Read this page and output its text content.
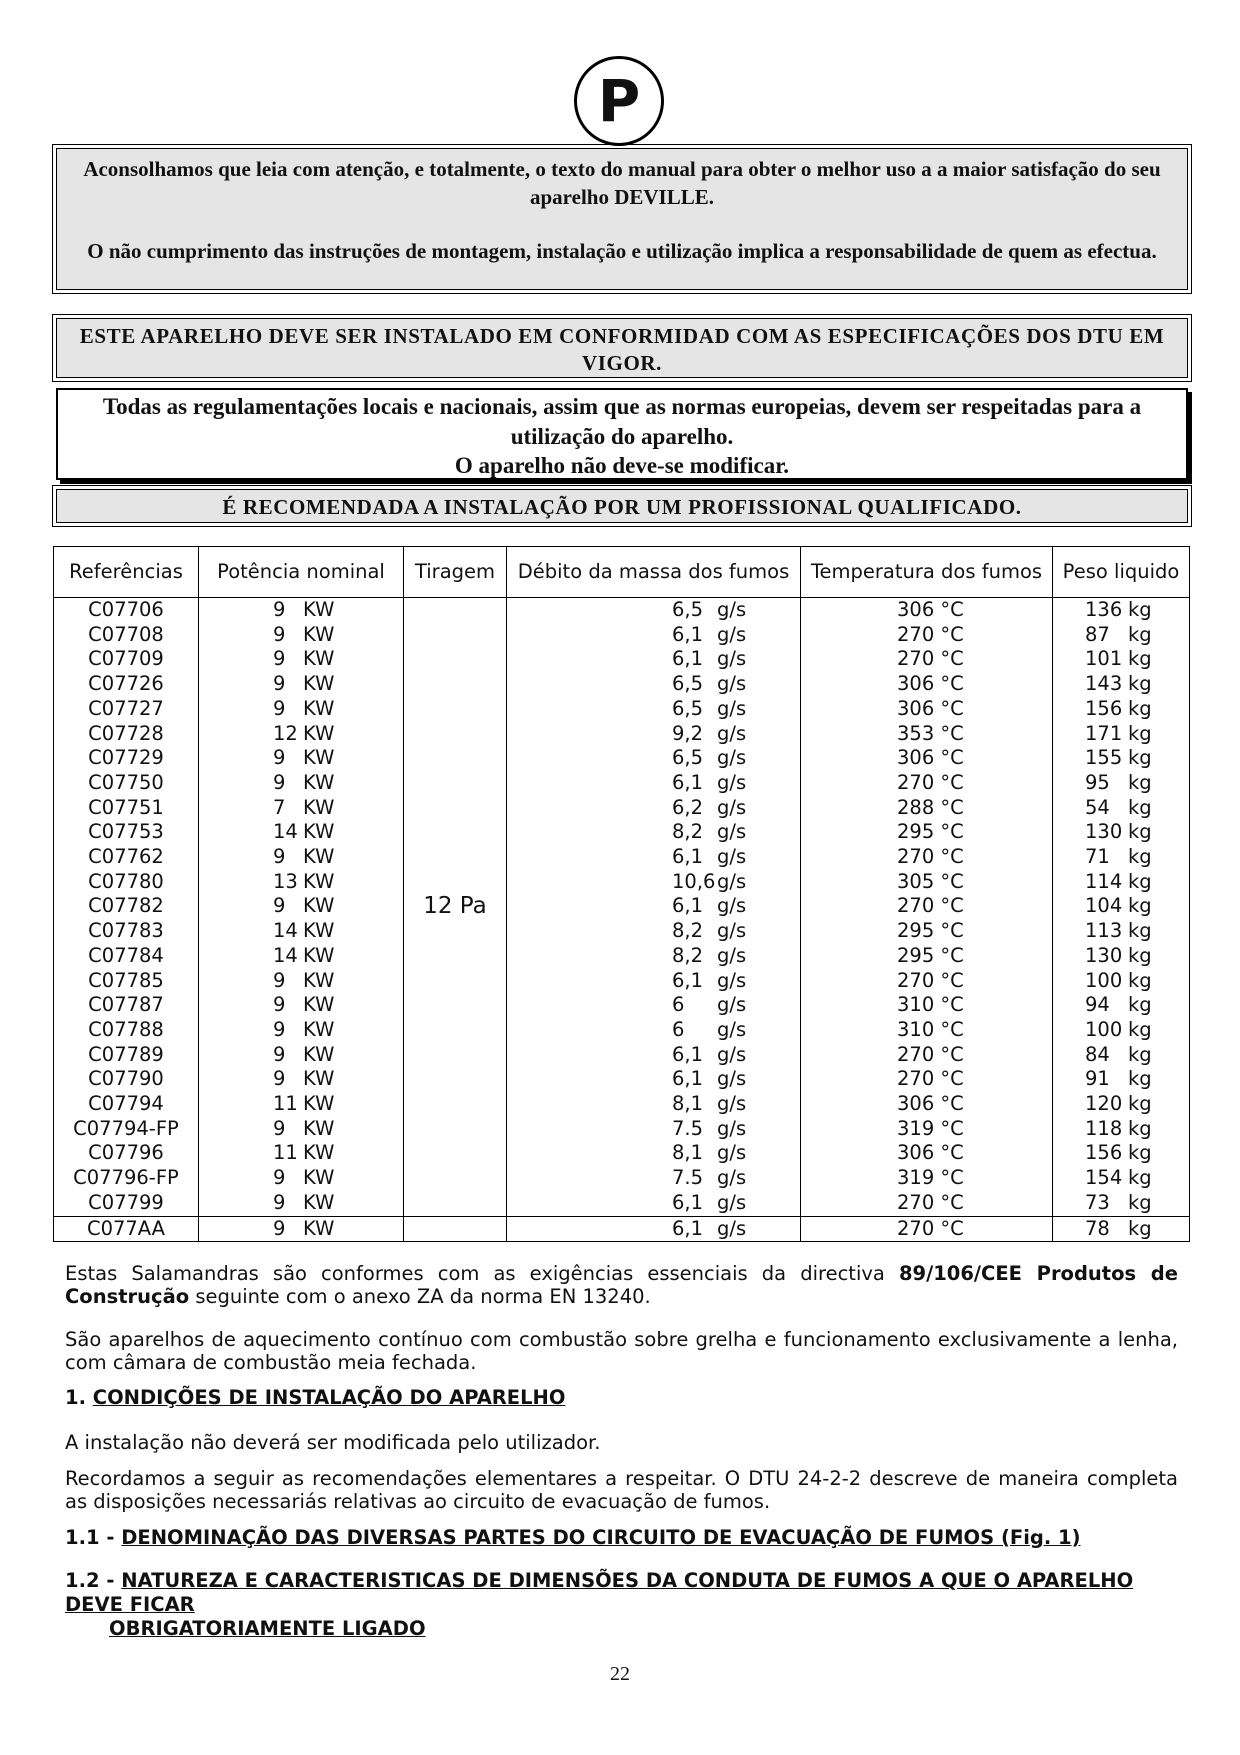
P

Aconsolhamos que leia com atenção, e totalmente, o texto do manual para obter o melhor uso a a maior satisfação do seu aparelho DEVILLE.

O não cumprimento das instruções de montagem, instalação e utilização implica a responsabilidade de quem as efectua.

ESTE APARELHO DEVE SER INSTALADO EM CONFORMIDAD COM AS ESPECIFICAÇÕES DOS DTU EM VIGOR.
Todas as regulamentações locais e nacionais, assim que as normas europeias, devem ser respeitadas para a utilização do aparelho.
O aparelho não deve-se modificar.
É RECOMENDADA A INSTALAÇÃO POR UM PROFISSIONAL QUALIFICADO.
Referências	Potência nominal	Tiragem	Débito da massa dos fumos	Temperatura dos fumos	Peso liquido
C07706	9 KW	12 Pa	6,5 g/s	306 °C	136 kg
C07708	9 KW		6,1 g/s	270 °C	87 kg
C07709	9 KW		6,1 g/s	270 °C	101 kg
C07726	9 KW		6,5 g/s	306 °C	143 kg
C07727	9 KW		6,5 g/s	306 °C	156 kg
C07728	12 KW		9,2 g/s	353 °C	171 kg
C07729	9 KW		6,5 g/s	306 °C	155 kg
C07750	9 KW		6,1 g/s	270 °C	95 kg
C07751	7 KW		6,2 g/s	288 °C	54 kg
C07753	14 KW		8,2 g/s	295 °C	130 kg
C07762	9 KW		6,1 g/s	270 °C	71 kg
C07780	13 KW		10,6g/s	305 °C	114 kg
C07782	9 KW		6,1 g/s	270 °C	104 kg
C07783	14 KW		8,2 g/s	295 °C	113 kg
C07784	14 KW		8,2 g/s	295 °C	130 kg
C07785	9 KW		6,1 g/s	270 °C	100 kg
C07787	9 KW		6 g/s	310 °C	94 kg
C07788	9 KW		6 g/s	310 °C	100 kg
C07789	9 KW		6,1 g/s	270 °C	84 kg
C07790	9 KW		6,1 g/s	270 °C	91 kg
C07794	11 KW		8,1 g/s	306 °C	120 kg
C07794-FP	9 KW		7.5 g/s	319 °C	118 kg
C07796	11 KW		8,1 g/s	306 °C	156 kg
C07796-FP	9 KW		7.5 g/s	319 °C	154 kg
C07799	9 KW		6,1 g/s	270 °C	73 kg
C077AA	9 KW		6,1 g/s	270 °C	78 kg

Estas Salamandras são conformes com as exigências essenciais da directiva 89/106/CEE Produtos de Construção seguinte com o anexo ZA da norma EN 13240.

São aparelhos de aquecimento contínuo com combustão sobre grelha e funcionamento exclusivamente a lenha, com câmara de combustão meia fechada.

1. CONDIÇÕES DE INSTALAÇÃO DO APARELHO

A instalação não deverá ser modificada pelo utilizador.

Recordamos a seguir as recomendações elementares a respeitar. O DTU 24-2-2 descreve de maneira completa as disposições necessariás relativas ao circuito de evacuação de fumos.

1.1 - DENOMINAÇÃO DAS DIVERSAS PARTES DO CIRCUITO DE EVACUAÇÃO DE FUMOS (Fig. 1)

1.2 - NATUREZA E CARACTERISTICAS DE DIMENSÕES DA CONDUTA DE FUMOS A QUE O APARELHO DEVE FICAR
OBRIGATORIAMENTE LIGADO
22
